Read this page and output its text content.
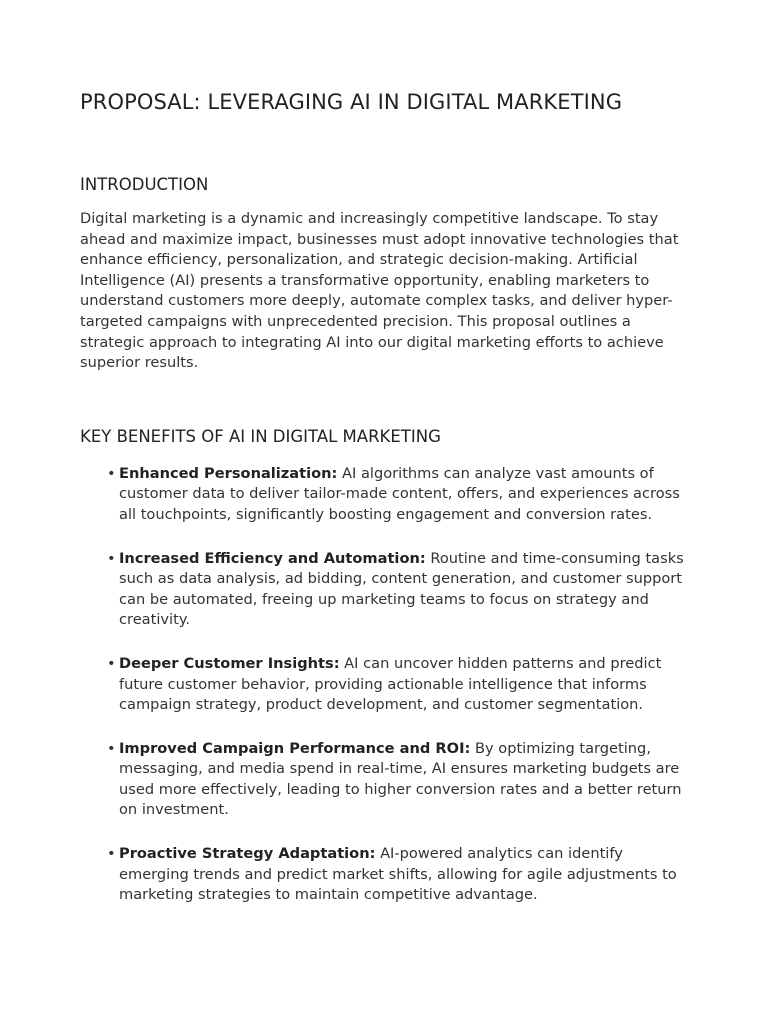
PROPOSAL: LEVERAGING AI IN DIGITAL MARKETING
INTRODUCTION

Digital marketing is a dynamic and increasingly competitive landscape. To stay ahead and maximize impact, businesses must adopt innovative technologies that enhance efficiency, personalization, and strategic decision-making. Artificial Intelligence (AI) presents a transformative opportunity, enabling marketers to understand customers more deeply, automate complex tasks, and deliver hyper-targeted campaigns with unprecedented precision. This proposal outlines a strategic approach to integrating AI into our digital marketing efforts to achieve superior results.

KEY BENEFITS OF AI IN DIGITAL MARKETING
• Enhanced Personalization: AI algorithms can analyze vast amounts of customer data to deliver tailor-made content, offers, and experiences across all touchpoints, significantly boosting engagement and conversion rates.
• Increased Efficiency and Automation: Routine and time-consuming tasks such as data analysis, ad bidding, content generation, and customer support can be automated, freeing up marketing teams to focus on strategy and creativity.
• Deeper Customer Insights: AI can uncover hidden patterns and predict future customer behavior, providing actionable intelligence that informs campaign strategy, product development, and customer segmentation.
• Improved Campaign Performance and ROI: By optimizing targeting, messaging, and media spend in real-time, AI ensures marketing budgets are used more effectively, leading to higher conversion rates and a better return on investment.
• Proactive Strategy Adaptation: AI-powered analytics can identify emerging trends and predict market shifts, allowing for agile adjustments to marketing strategies to maintain competitive advantage.
